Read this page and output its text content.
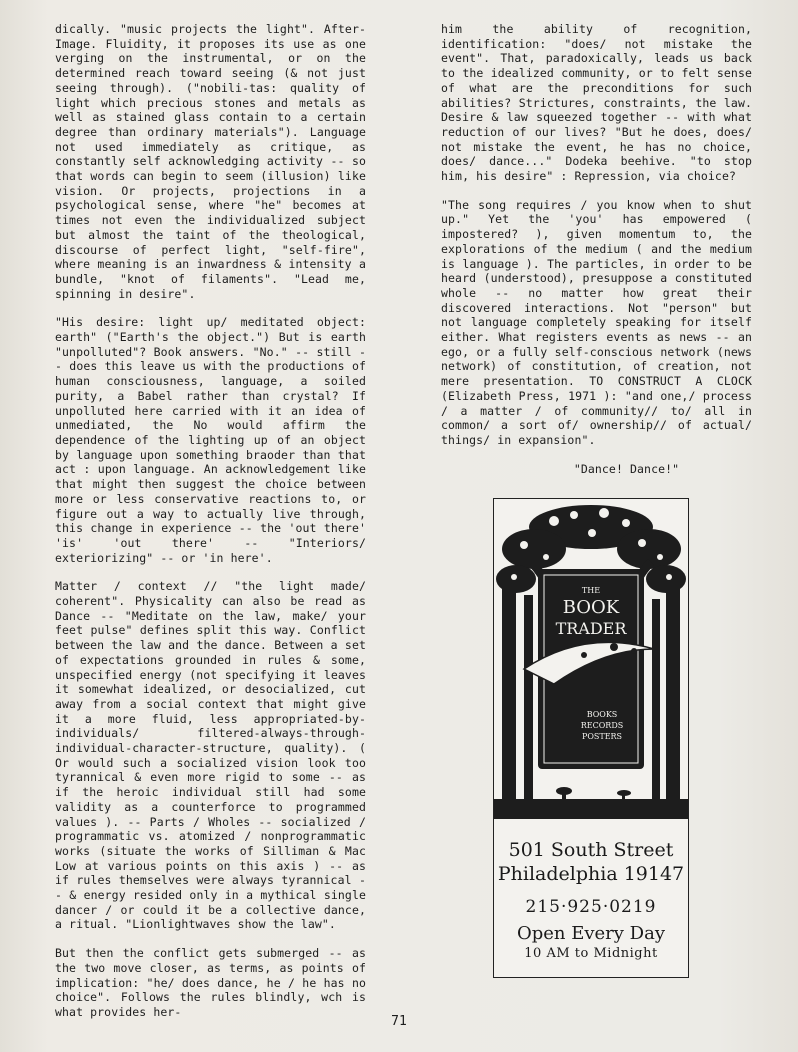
dically. "music projects the light". After-Image. Fluidity, it proposes its use as one verging on the instrumental, or on the determined reach toward seeing (& not just seeing through). ("nobili-tas: quality of light which precious stones and metals as well as stained glass contain to a certain degree than ordinary materials"). Language not used immediately as critique, as constantly self acknowledging activity -- so that words can begin to seem (illusion) like vision. Or projects, projections in a psychological sense, where "he" becomes at times not even the individualized subject but almost the taint of the theological, discourse of perfect light, "self-fire", where meaning is an inwardness & intensity a bundle, "knot of filaments". "Lead me, spinning in desire".

"His desire: light up/ meditated object: earth" ("Earth's the object.") But is earth "unpolluted"? Book answers. "No." -- still -- does this leave us with the productions of human consciousness, language, a soiled purity, a Babel rather than crystal? If unpolluted here carried with it an idea of unmediated, the No would affirm the dependence of the lighting up of an object by language upon something braoder than that act : upon language. An acknowledgement like that might then suggest the choice between more or less conservative reactions to, or figure out a way to actually live through, this change in experience -- the 'out there' 'is' 'out there' -- "Interiors/ exteriorizing" -- or 'in here'.

Matter / context // "the light made/ coherent". Physicality can also be read as Dance -- "Meditate on the law, make/ your feet pulse" defines split this way. Conflict between the law and the dance. Between a set of expectations grounded in rules & some, unspecified energy (not specifying it leaves it somewhat idealized, or desocialized, cut away from a social context that might give it a more fluid, less appropriated-by-individuals/ filtered-always-through-individual-character-structure, quality). ( Or would such a socialized vision look too tyrannical & even more rigid to some -- as if the heroic individual still had some validity as a counterforce to programmed values ). -- Parts / Wholes -- socialized / programmatic vs. atomized / nonprogrammatic works (situate the works of Silliman & Mac Low at various points on this axis ) -- as if rules themselves were always tyrannical -- & energy resided only in a mythical single dancer / or could it be a collective dance, a ritual. "Lionlightwaves show the law".

But then the conflict gets submerged -- as the two move closer, as terms, as points of implication: "he/ does dance, he / he has no choice". Follows the rules blindly, wch is what provides her-

him the ability of recognition, identification: "does/ not mistake the event". That, paradoxically, leads us back to the idealized community, or to felt sense of what are the preconditions for such abilities? Strictures, constraints, the law. Desire & law squeezed together -- with what reduction of our lives? "But he does, does/ not mistake the event, he has no choice, does/ dance..." Dodeka beehive. "to stop him, his desire" : Repression, via choice?

"The song requires / you know when to shut up." Yet the 'you' has empowered ( impostered? ), given momentum to, the explorations of the medium ( and the medium is language ). The particles, in order to be heard (understood), presuppose a constituted whole -- no matter how great their discovered interactions. Not "person" but not language completely speaking for itself either. What registers events as news -- an ego, or a fully self-conscious network (news network) of constitution, of creation, not mere presentation. TO CONSTRUCT A CLOCK (Elizabeth Press, 1971 ): "and one,/ process / a matter / of community// to/ all in common/ a sort of/ ownership// of actual/ things/ in expansion".

"Dance! Dance!"

THE
BOOK
TRADER
BOOKS
RECORDS
POSTERS
501 South Street
Philadelphia 19147
215·925·0219
Open Every Day
10 AM to Midnight
71
